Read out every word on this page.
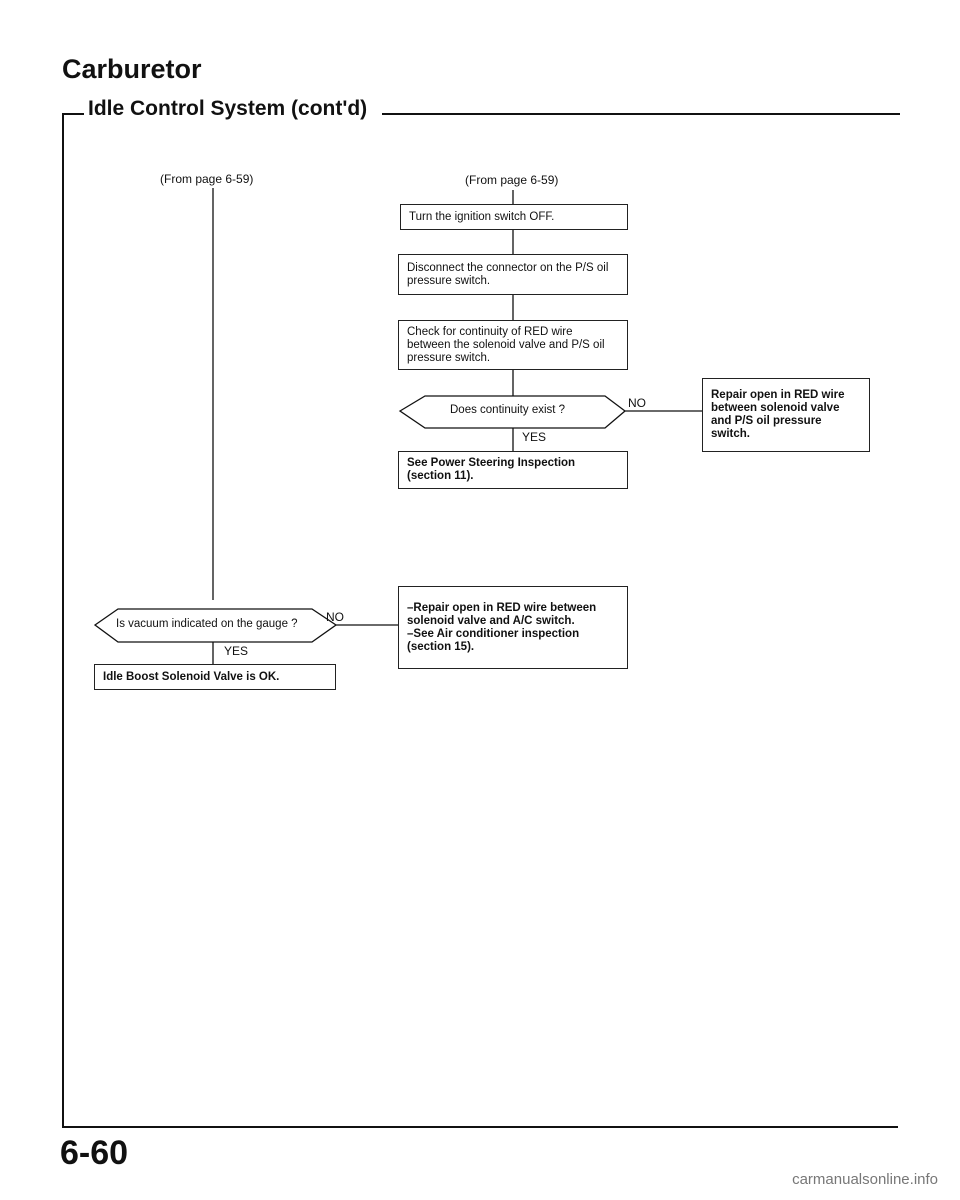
Carburetor
Idle Control System (cont'd)
(From page 6-59)	(From page 6-59)
Turn the ignition switch OFF.
Disconnect the connector on the P/S oil pressure switch.
Check for continuity of RED wire between the solenoid valve and P/S oil pressure switch.
Does continuity exist ?	NO
YES
Repair open in RED wire between solenoid valve and P/S oil pressure switch.
See Power Steering Inspection (section 11).
Is vacuum indicated on the gauge ? NO
YES
–Repair open in RED wire between solenoid valve and A/C switch.
–See Air conditioner inspection (section 15).
Idle Boost Solenoid Valve is OK.
6-60
carmanualsonline.info
